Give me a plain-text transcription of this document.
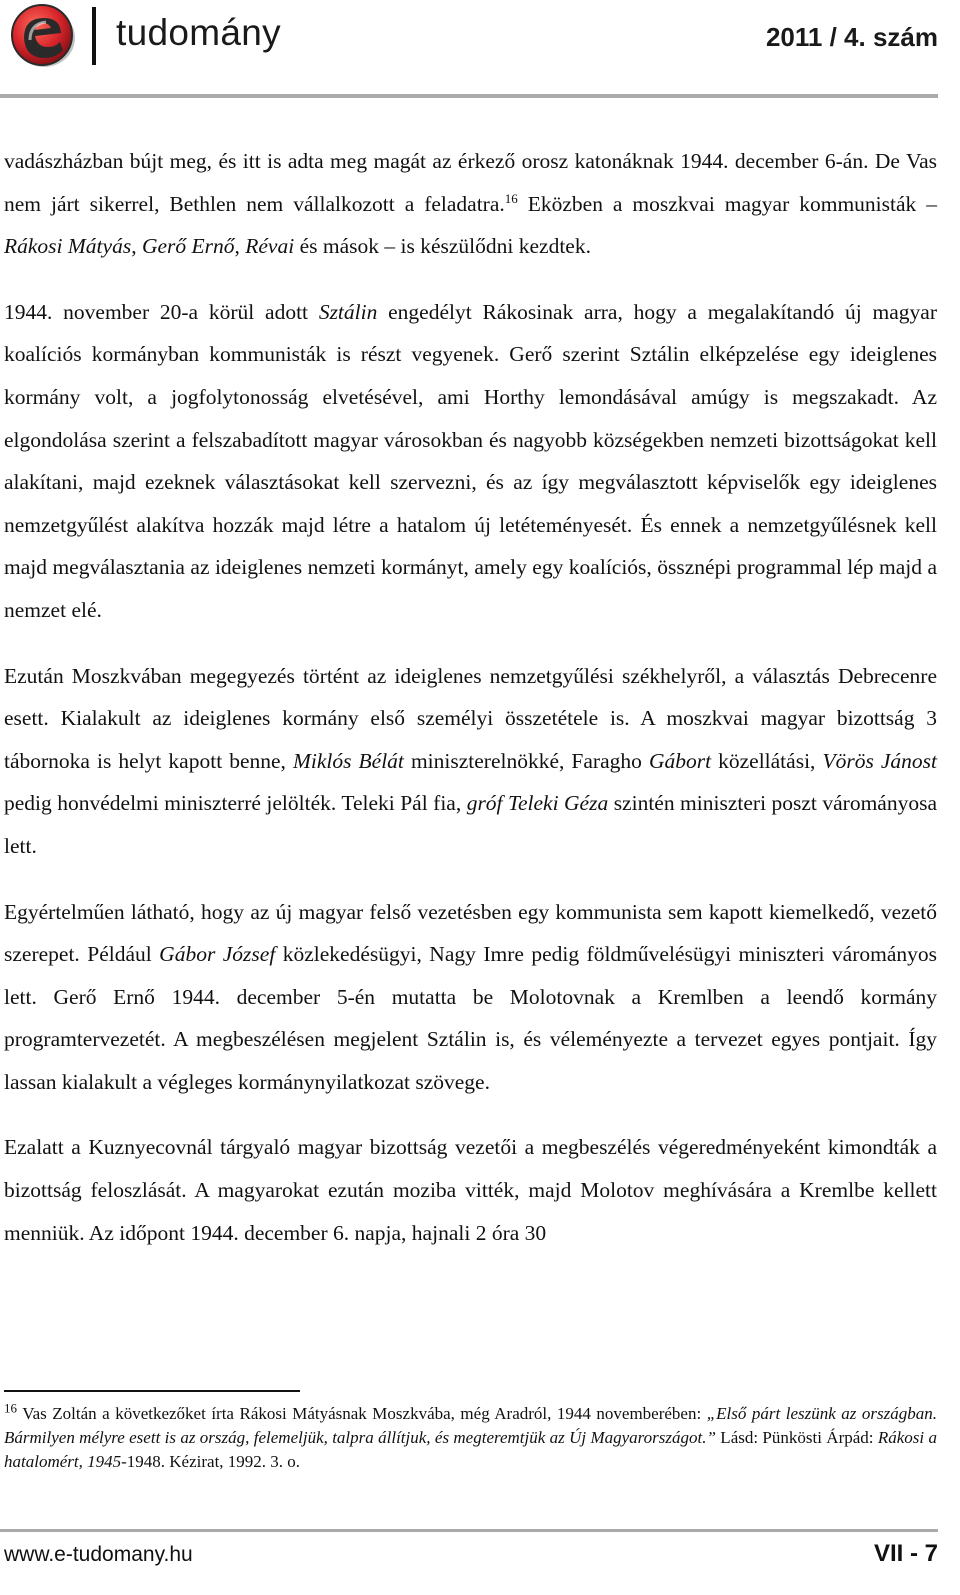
tudomány	2011 / 4. szám

vadászházban bújt meg, és itt is adta meg magát az érkező orosz katonáknak 1944. december 6-án. De Vas nem járt sikerrel, Bethlen nem vállalkozott a feladatra.$^{16}$ Eközben a moszkvai magyar kommunisták – Rákosi Mátyás, Gerő Ernő, Révai és mások – is készülődni kezdtek.

1944. november 20-a körül adott Sztálin engedélyt Rákosinak arra, hogy a megalakítandó új magyar koalíciós kormányban kommunisták is részt vegyenek. Gerő szerint Sztálin elképzelése egy ideiglenes kormány volt, a jogfolytonosság elvetésével, ami Horthy lemondásával amúgy is megszakadt. Az elgondolása szerint a felszabadított magyar városokban és nagyobb községekben nemzeti bizottságokat kell alakítani, majd ezeknek választásokat kell szervezni, és az így megválasztott képviselők egy ideiglenes nemzetgyűlést alakítva hozzák majd létre a hatalom új letéteményesét. És ennek a nemzetgyűlésnek kell majd megválasztania az ideiglenes nemzeti kormányt, amely egy koalíciós, össznépi programmal lép majd a nemzet elé.

Ezután Moszkvában megegyezés történt az ideiglenes nemzetgyűlési székhelyről, a választás Debrecenre esett. Kialakult az ideiglenes kormány első személyi összetétele is. A moszkvai magyar bizottság 3 tábornoka is helyt kapott benne, Miklós Bélát miniszterelnökké, Faragho Gábort közellátási, Vörös Jánost pedig honvédelmi miniszterré jelölték. Teleki Pál fia, gróf Teleki Géza szintén miniszteri poszt várományosa lett.

Egyértelműen látható, hogy az új magyar felső vezetésben egy kommunista sem kapott kiemelkedő, vezető szerepet. Például Gábor József közlekedésügyi, Nagy Imre pedig földművelésügyi miniszteri várományos lett. Gerő Ernő 1944. december 5-én mutatta be Molotovnak a Kremlben a leendő kormány programtervezetét. A megbeszélésen megjelent Sztálin is, és véleményezte a tervezet egyes pontjait. Így lassan kialakult a végleges kormánynyilatkozat szövege.

Ezalatt a Kuznyecovnál tárgyaló magyar bizottság vezetői a megbeszélés végeredményeként kimondták a bizottság feloszlását. A magyarokat ezután moziba vitték, majd Molotov meghívására a Kremlbe kellett menniük. Az időpont 1944. december 6. napja, hajnali 2 óra 30

$^{16}$ Vas Zoltán a következőket írta Rákosi Mátyásnak Moszkvába, még Aradról, 1944 novemberében: „Első párt leszünk az országban. Bármilyen mélyre esett is az ország, felemeljük, talpra állítjuk, és megteremtjük az Új Magyarországot.” Lásd: Pünkösti Árpád: Rákosi a hatalomért, 1945-1948. Kézirat, 1992. 3. o.

www.e-tudomany.hu	VII - 7
